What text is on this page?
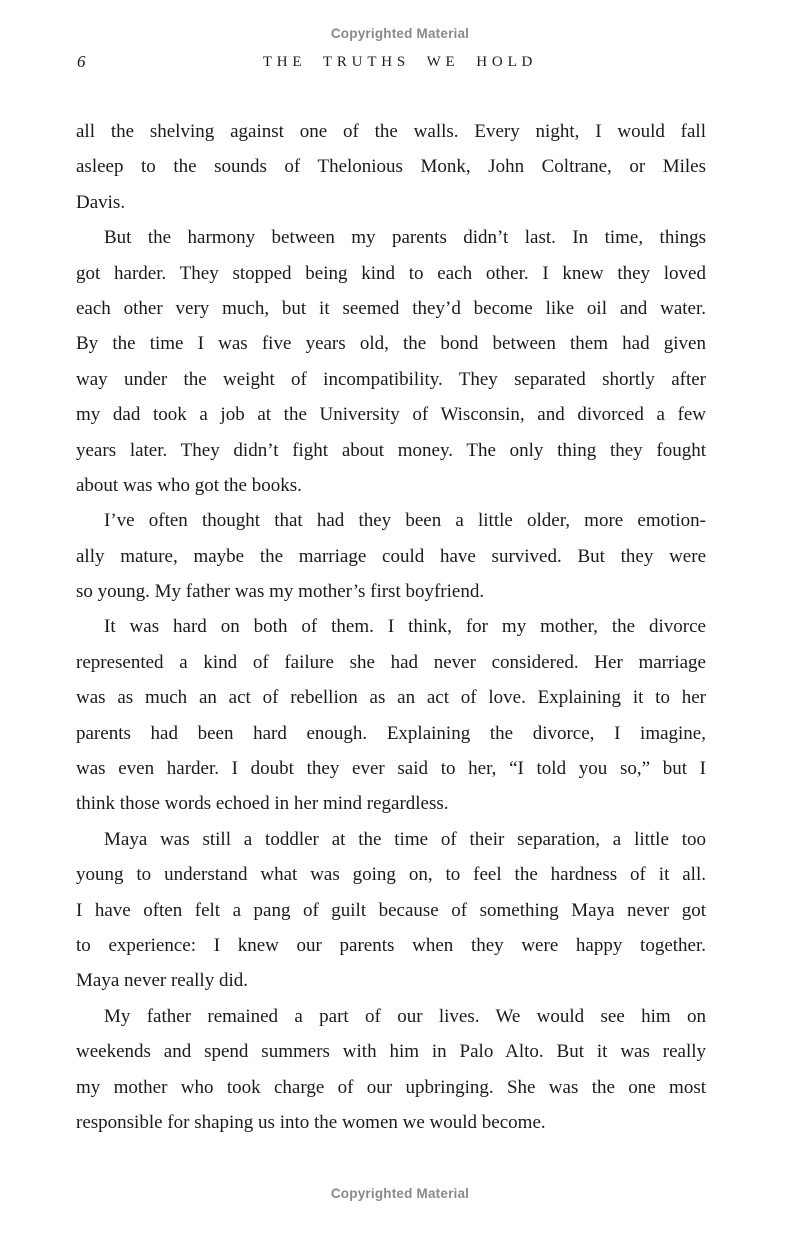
Copyrighted Material
6	THE TRUTHS WE HOLD
all the shelving against one of the walls. Every night, I would fall
asleep to the sounds of Thelonious Monk, John Coltrane, or Miles
Davis.
But the harmony between my parents didn’t last. In time, things
got harder. They stopped being kind to each other. I knew they loved
each other very much, but it seemed they’d become like oil and water.
By the time I was five years old, the bond between them had given
way under the weight of incompatibility. They separated shortly after
my dad took a job at the University of Wisconsin, and divorced a few
years later. They didn’t fight about money. The only thing they fought
about was who got the books.
I’ve often thought that had they been a little older, more emotion-
ally mature, maybe the marriage could have survived. But they were
so young. My father was my mother’s first boyfriend.
It was hard on both of them. I think, for my mother, the divorce
represented a kind of failure she had never considered. Her marriage
was as much an act of rebellion as an act of love. Explaining it to her
parents had been hard enough. Explaining the divorce, I imagine,
was even harder. I doubt they ever said to her, “I told you so,” but I
think those words echoed in her mind regardless.
Maya was still a toddler at the time of their separation, a little too
young to understand what was going on, to feel the hardness of it all.
I have often felt a pang of guilt because of something Maya never got
to experience: I knew our parents when they were happy together.
Maya never really did.
My father remained a part of our lives. We would see him on
weekends and spend summers with him in Palo Alto. But it was really
my mother who took charge of our upbringing. She was the one most
responsible for shaping us into the women we would become.
Copyrighted Material
